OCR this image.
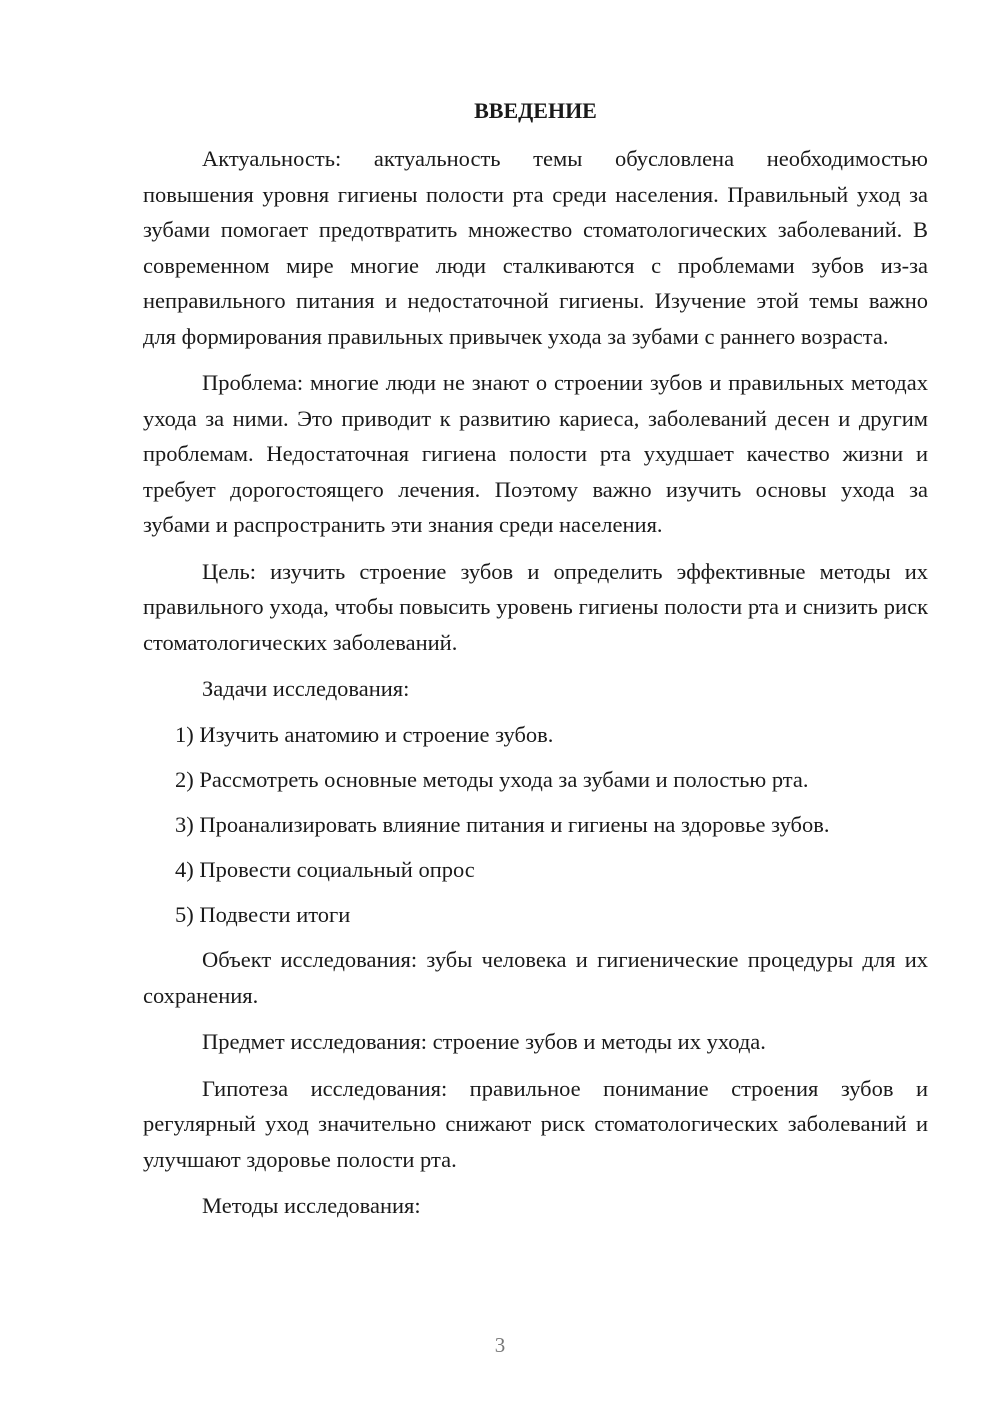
ВВЕДЕНИЕ

Актуальность: актуальность темы обусловлена необходимостью повышения уровня гигиены полости рта среди населения. Правильный уход за зубами помогает предотвратить множество стоматологических заболеваний. В современном мире многие люди сталкиваются с проблемами зубов из-за неправильного питания и недостаточной гигиены. Изучение этой темы важно для формирования правильных привычек ухода за зубами с раннего возраста.

Проблема: многие люди не знают о строении зубов и правильных методах ухода за ними. Это приводит к развитию кариеса, заболеваний десен и другим проблемам. Недостаточная гигиена полости рта ухудшает качество жизни и требует дорогостоящего лечения. Поэтому важно изучить основы ухода за зубами и распространить эти знания среди населения.

Цель: изучить строение зубов и определить эффективные методы их правильного ухода, чтобы повысить уровень гигиены полости рта и снизить риск стоматологических заболеваний.

Задачи исследования:

1) Изучить анатомию и строение зубов.
2) Рассмотреть основные методы ухода за зубами и полостью рта.
3) Проанализировать влияние питания и гигиены на здоровье зубов.
4) Провести социальный опрос
5) Подвести итоги

Объект исследования: зубы человека и гигиенические процедуры для их сохранения.

Предмет исследования: строение зубов и методы их ухода.

Гипотеза исследования: правильное понимание строения зубов и регулярный уход значительно снижают риск стоматологических заболеваний и улучшают здоровье полости рта.

Методы исследования:

3
